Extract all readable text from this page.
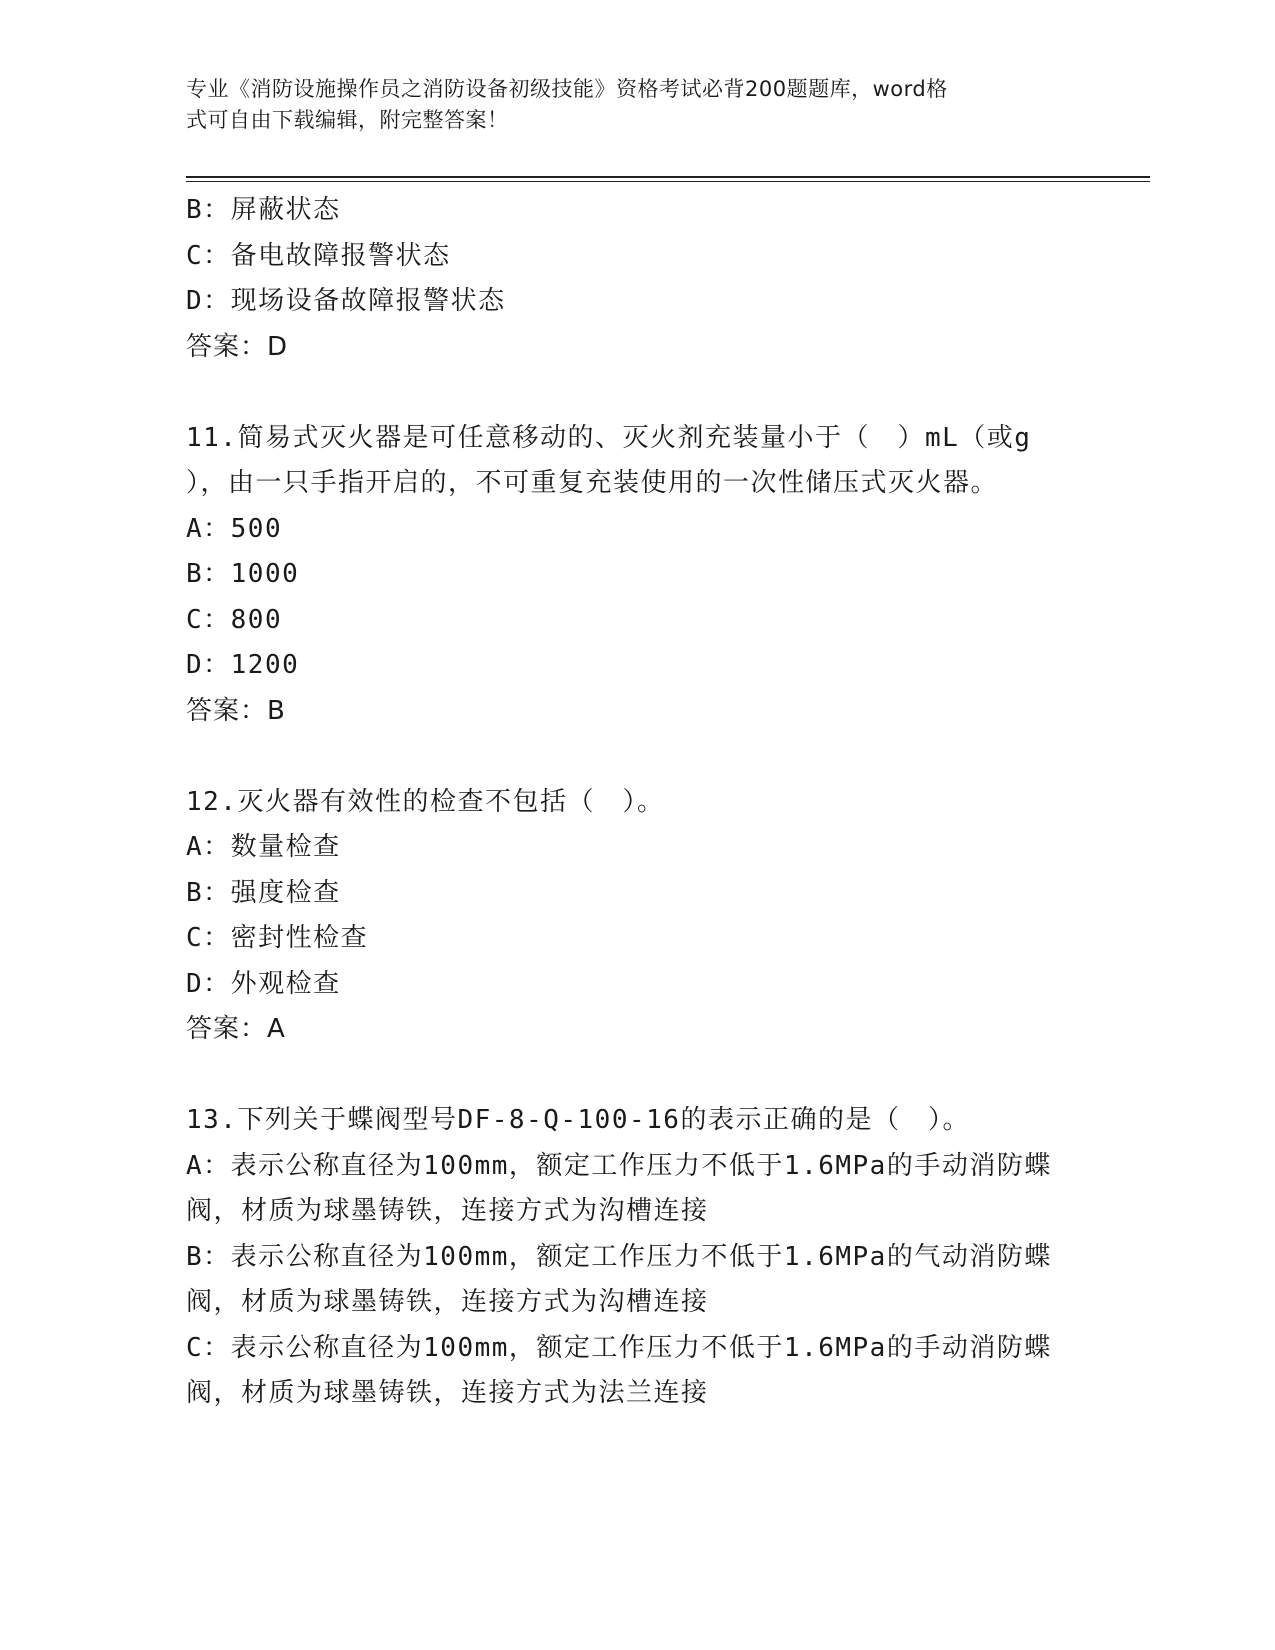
专业《消防设施操作员之消防设备初级技能》资格考试必背200题题库，word格
式可自由下载编辑，附完整答案！
B：屏蔽状态
C：备电故障报警状态
D：现场设备故障报警状态
答案：D
11.简易式灭火器是可任意移动的、灭火剂充装量小于（　）mL（或g
），由一只手指开启的，不可重复充装使用的一次性储压式灭火器。
A：500
B：1000
C：800
D：1200
答案：B
12.灭火器有效性的检查不包括（　）。
A：数量检查
B：强度检查
C：密封性检查
D：外观检查
答案：A
13.下列关于蝶阀型号DF-8-Q-100-16的表示正确的是（　）。
A：表示公称直径为100mm，额定工作压力不低于1.6MPa的手动消防蝶
阀，材质为球墨铸铁，连接方式为沟槽连接
B：表示公称直径为100mm，额定工作压力不低于1.6MPa的气动消防蝶
阀，材质为球墨铸铁，连接方式为沟槽连接
C：表示公称直径为100mm，额定工作压力不低于1.6MPa的手动消防蝶
阀，材质为球墨铸铁，连接方式为法兰连接
